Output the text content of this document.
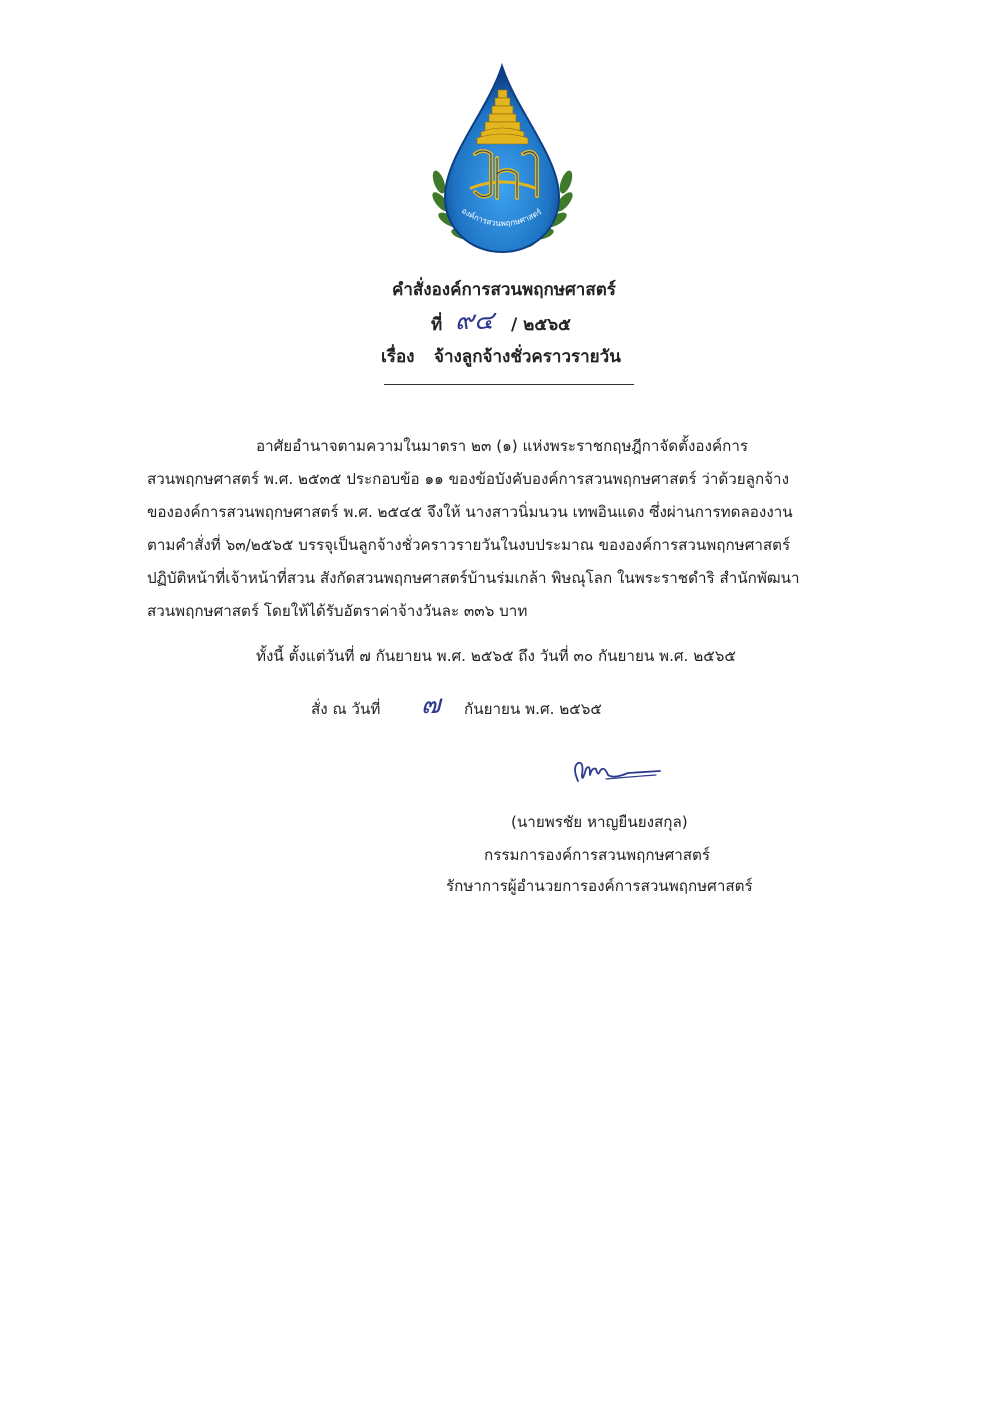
องค์การสวนพฤกษศาสตร์
คำสั่งองค์การสวนพฤกษศาสตร์
ที่ ๙๔ / ๒๕๖๕
เรื่อง จ้างลูกจ้างชั่วคราวรายวัน
อาศัยอำนาจตามความในมาตรา ๒๓ (๑) แห่งพระราชกฤษฎีกาจัดตั้งองค์การ
สวนพฤกษศาสตร์ พ.ศ. ๒๕๓๕ ประกอบข้อ ๑๑ ของข้อบังคับองค์การสวนพฤกษศาสตร์ ว่าด้วยลูกจ้าง
ขององค์การสวนพฤกษศาสตร์ พ.ศ. ๒๕๔๕ จึงให้ นางสาวนิ่มนวน เทพอินแดง ซึ่งผ่านการทดลองงาน
ตามคำสั่งที่ ๖๓/๒๕๖๕ บรรจุเป็นลูกจ้างชั่วคราวรายวันในงบประมาณ ขององค์การสวนพฤกษศาสตร์
ปฏิบัติหน้าที่เจ้าหน้าที่สวน สังกัดสวนพฤกษศาสตร์บ้านร่มเกล้า พิษณุโลก ในพระราชดำริ สำนักพัฒนา
สวนพฤกษศาสตร์ โดยให้ได้รับอัตราค่าจ้างวันละ ๓๓๖ บาท
ทั้งนี้ ตั้งแต่วันที่ ๗ กันยายน พ.ศ. ๒๕๖๕ ถึง วันที่ ๓๐ กันยายน พ.ศ. ๒๕๖๕
สั่ง ณ วันที่ ๗ กันยายน พ.ศ. ๒๕๖๕
(นายพรชัย หาญยืนยงสกุล)
กรรมการองค์การสวนพฤกษศาสตร์
รักษาการผู้อำนวยการองค์การสวนพฤกษศาสตร์
